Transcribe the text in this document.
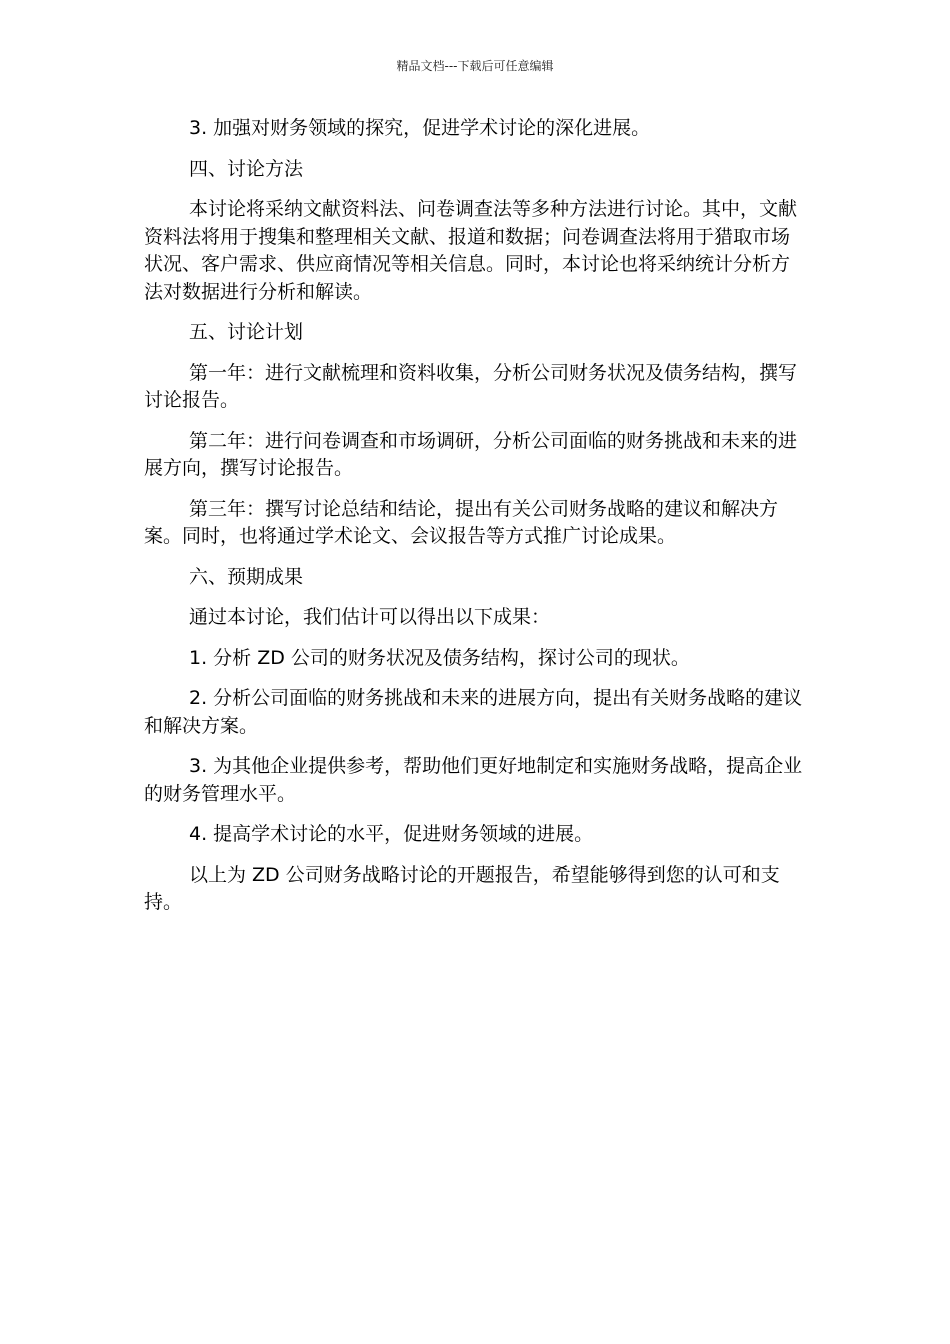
精品文档---下载后可任意编辑

3. 加强对财务领域的探究，促进学术讨论的深化进展。

四、讨论方法

本讨论将采纳文献资料法、问卷调查法等多种方法进行讨论。其中，文献资料法将用于搜集和整理相关文献、报道和数据；问卷调查法将用于猎取市场状况、客户需求、供应商情况等相关信息。同时，本讨论也将采纳统计分析方法对数据进行分析和解读。

五、讨论计划

第一年：进行文献梳理和资料收集，分析公司财务状况及债务结构，撰写讨论报告。

第二年：进行问卷调查和市场调研，分析公司面临的财务挑战和未来的进展方向，撰写讨论报告。

第三年：撰写讨论总结和结论，提出有关公司财务战略的建议和解决方案。同时，也将通过学术论文、会议报告等方式推广讨论成果。

六、预期成果

通过本讨论，我们估计可以得出以下成果：

1. 分析 ZD 公司的财务状况及债务结构，探讨公司的现状。

2. 分析公司面临的财务挑战和未来的进展方向，提出有关财务战略的建议和解决方案。

3. 为其他企业提供参考，帮助他们更好地制定和实施财务战略，提高企业的财务管理水平。

4. 提高学术讨论的水平，促进财务领域的进展。

以上为 ZD 公司财务战略讨论的开题报告，希望能够得到您的认可和支持。
